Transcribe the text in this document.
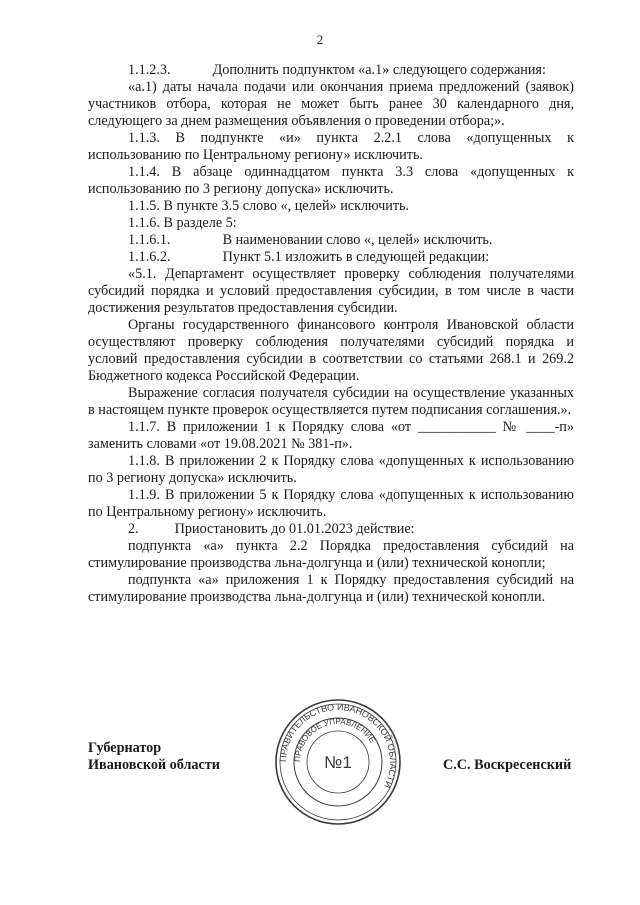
2

1.1.2.3.	Дополнить подпунктом «а.1» следующего содержания:

«а.1) даты начала подачи или окончания приема предложений (заявок) участников отбора, которая не может быть ранее 30 календарного дня, следующего за днем размещения объявления о проведении отбора;».

1.1.3. В подпункте «и» пункта 2.2.1 слова «допущенных к использованию по Центральному региону» исключить.

1.1.4. В абзаце одиннадцатом пункта 3.3 слова «допущенных к использованию по 3 региону допуска» исключить.

1.1.5. В пункте 3.5 слово «, целей» исключить.

1.1.6. В разделе 5:

1.1.6.1.	В наименовании слово «, целей» исключить.

1.1.6.2.	Пункт 5.1 изложить в следующей редакции:

«5.1. Департамент осуществляет проверку соблюдения получателями субсидий порядка и условий предоставления субсидии, в том числе в части достижения результатов предоставления субсидии.

Органы государственного финансового контроля Ивановской области осуществляют проверку соблюдения получателями субсидий порядка и условий предоставления субсидии в соответствии со статьями 268.1 и 269.2 Бюджетного кодекса Российской Федерации.

Выражение согласия получателя субсидии на осуществление указанных в настоящем пункте проверок осуществляется путем подписания соглашения.».

1.1.7. В приложении 1 к Порядку слова «от ___________ № ____-п» заменить словами «от 19.08.2021 № 381-п».

1.1.8. В приложении 2 к Порядку слова «допущенных к использованию по 3 региону допуска» исключить.

1.1.9. В приложении 5 к Порядку слова «допущенных к использованию по Центральному региону» исключить.

2.	Приостановить до 01.01.2023 действие:

подпункта «а» пункта 2.2 Порядка предоставления субсидий на стимулирование производства льна-долгунца и (или) технической конопли;

подпункта «а» приложения 1 к Порядку предоставления субсидий на стимулирование производства льна-долгунца и (или) технической конопли.

Губернатор
Ивановской области	ПРАВИТЕЛЬСТВО ИВАНОВСКОЙ ОБЛАСТИ
ПРАВОВОЕ УПРАВЛЕНИЕ
№1	С.С. Воскресенский
